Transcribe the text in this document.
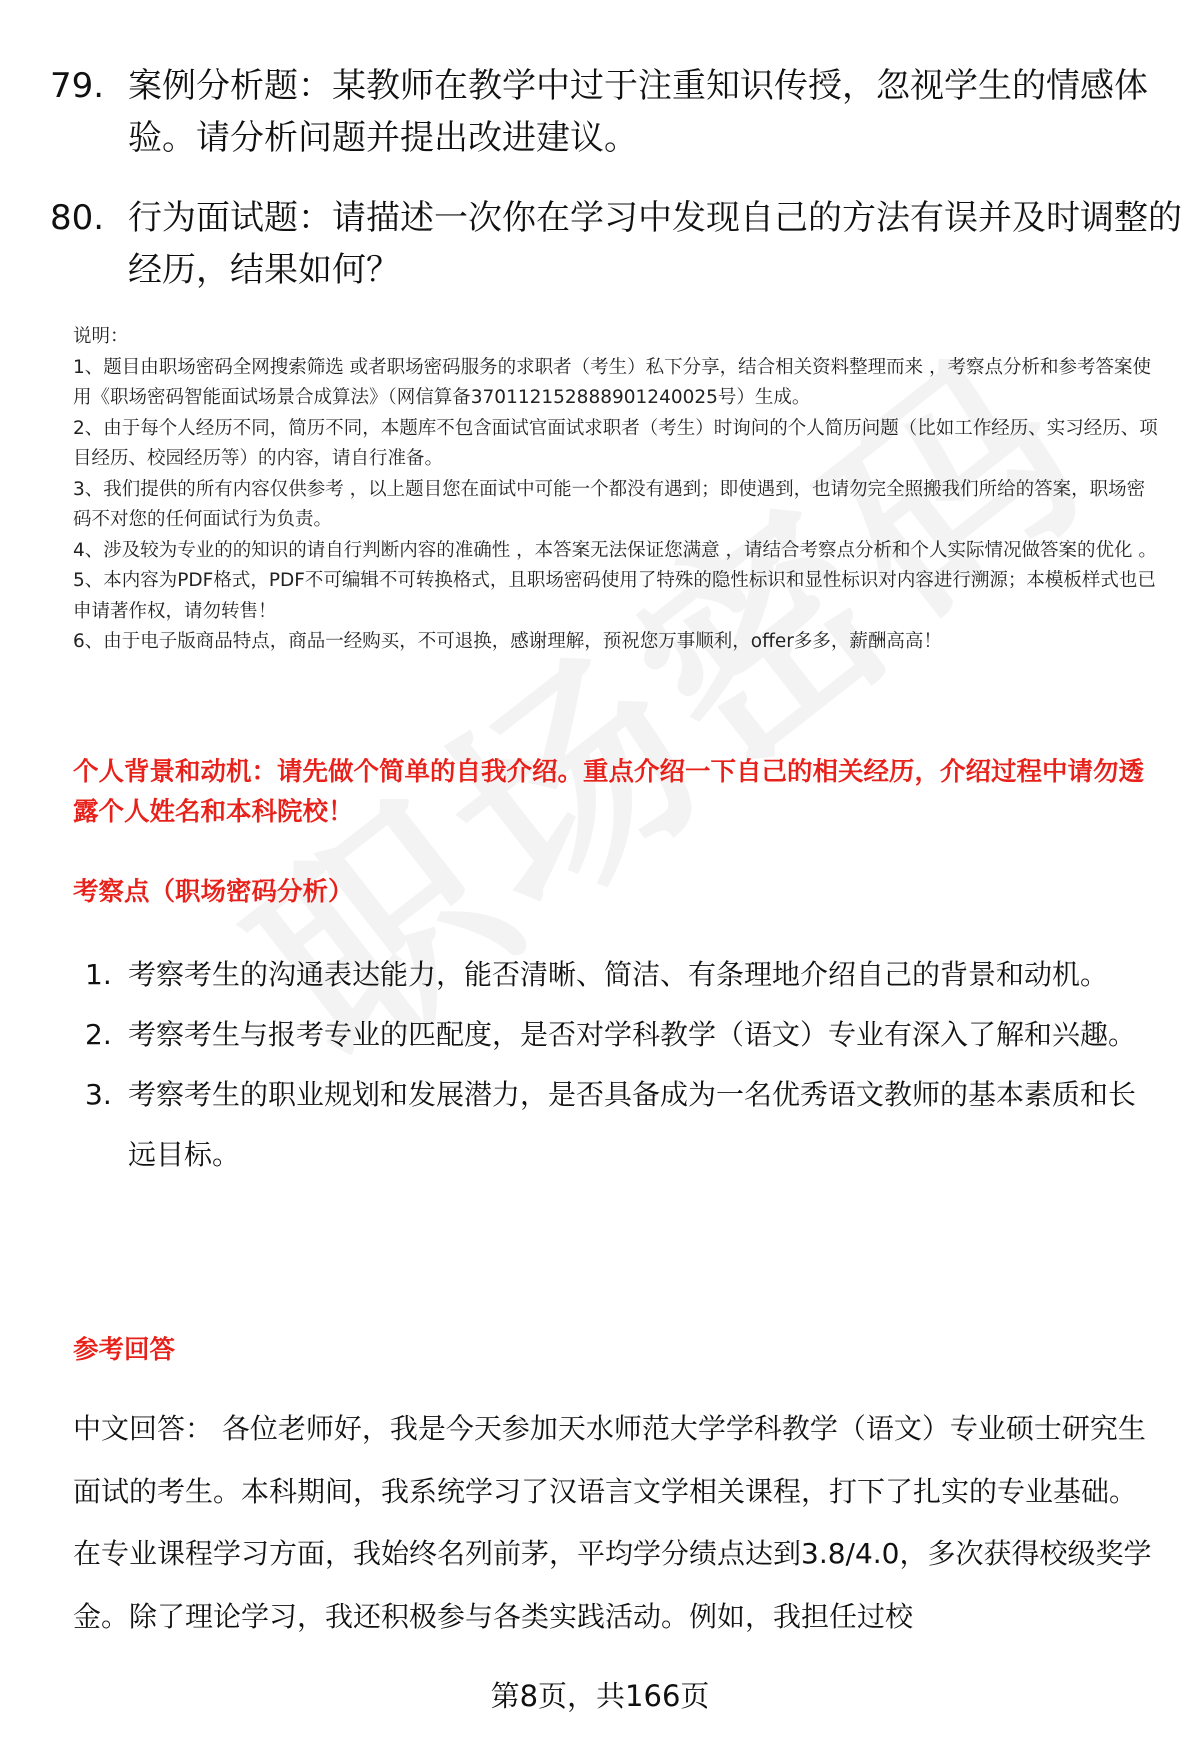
79. 案例分析题：某教师在教学中过于注重知识传授，忽视学生的情感体验。请分析问题并提出改进建议。
80. 行为面试题：请描述一次你在学习中发现自己的方法有误并及时调整的经历，结果如何？
说明：
1、题目由职场密码全网搜索筛选 或者职场密码服务的求职者（考生）私下分享，结合相关资料整理而来 ，考察点分析和参考答案使用《职场密码智能面试场景合成算法》（网信算备370112152888901240025号）生成。
2、由于每个人经历不同，简历不同，本题库不包含面试官面试求职者（考生）时询问的个人简历问题（比如工作经历、实习经历、项目经历、校园经历等）的内容，请自行准备。
3、我们提供的所有内容仅供参考 ，以上题目您在面试中可能一个都没有遇到；即使遇到，也请勿完全照搬我们所给的答案，职场密码不对您的任何面试行为负责。
4、涉及较为专业的的知识的请自行判断内容的准确性 ，本答案无法保证您满意 ，请结合考察点分析和个人实际情况做答案的优化 。
5、本内容为PDF格式，PDF不可编辑不可转换格式，且职场密码使用了特殊的隐性标识和显性标识对内容进行溯源；本模板样式也已申请著作权，请勿转售！
6、由于电子版商品特点，商品一经购买，不可退换，感谢理解，预祝您万事顺利，offer多多，薪酬高高！
个人背景和动机：请先做个简单的自我介绍。重点介绍一下自己的相关经历，介绍过程中请勿透露个人姓名和本科院校！
考察点（职场密码分析）
1. 考察考生的沟通表达能力，能否清晰、简洁、有条理地介绍自己的背景和动机。
2. 考察考生与报考专业的匹配度，是否对学科教学（语文）专业有深入了解和兴趣。
3. 考察考生的职业规划和发展潜力，是否具备成为一名优秀语文教师的基本素质和长远目标。
参考回答
中文回答： 各位老师好，我是今天参加天水师范大学学科教学（语文）专业硕士研究生面试的考生。本科期间，我系统学习了汉语言文学相关课程，打下了扎实的专业基础。在专业课程学习方面，我始终名列前茅，平均学分绩点达到3.8/4.0，多次获得校级奖学金。除了理论学习，我还积极参与各类实践活动。例如，我担任过校
第8页，共166页
